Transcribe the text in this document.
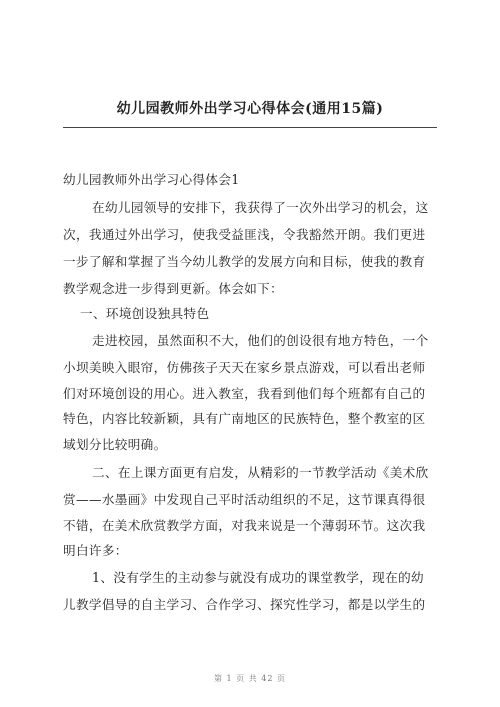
幼儿园教师外出学习心得体会(通用15篇)
幼儿园教师外出学习心得体会1
在幼儿园领导的安排下，我获得了一次外出学习的机会，这
次，我通过外出学习，使我受益匪浅，令我豁然开朗。我们更进
一步了解和掌握了当今幼儿教学的发展方向和目标，使我的教育
教学观念进一步得到更新。体会如下：
一、环境创设独具特色
走进校园，虽然面积不大，他们的创设很有地方特色，一个
小坝美映入眼帘，仿佛孩子天天在家乡景点游戏，可以看出老师
们对环境创设的用心。进入教室，我看到他们每个班都有自己的
特色，内容比较新颖，具有广南地区的民族特色，整个教室的区
域划分比较明确。
二、在上课方面更有启发，从精彩的一节教学活动《美术欣
赏——水墨画》中发现自己平时活动组织的不足，这节课真得很
不错，在美术欣赏教学方面，对我来说是一个薄弱环节。这次我
明白许多：
1、没有学生的主动参与就没有成功的课堂教学，现在的幼
儿教学倡导的自主学习、合作学习、探究性学习，都是以学生的
第 1 页 共 42 页
